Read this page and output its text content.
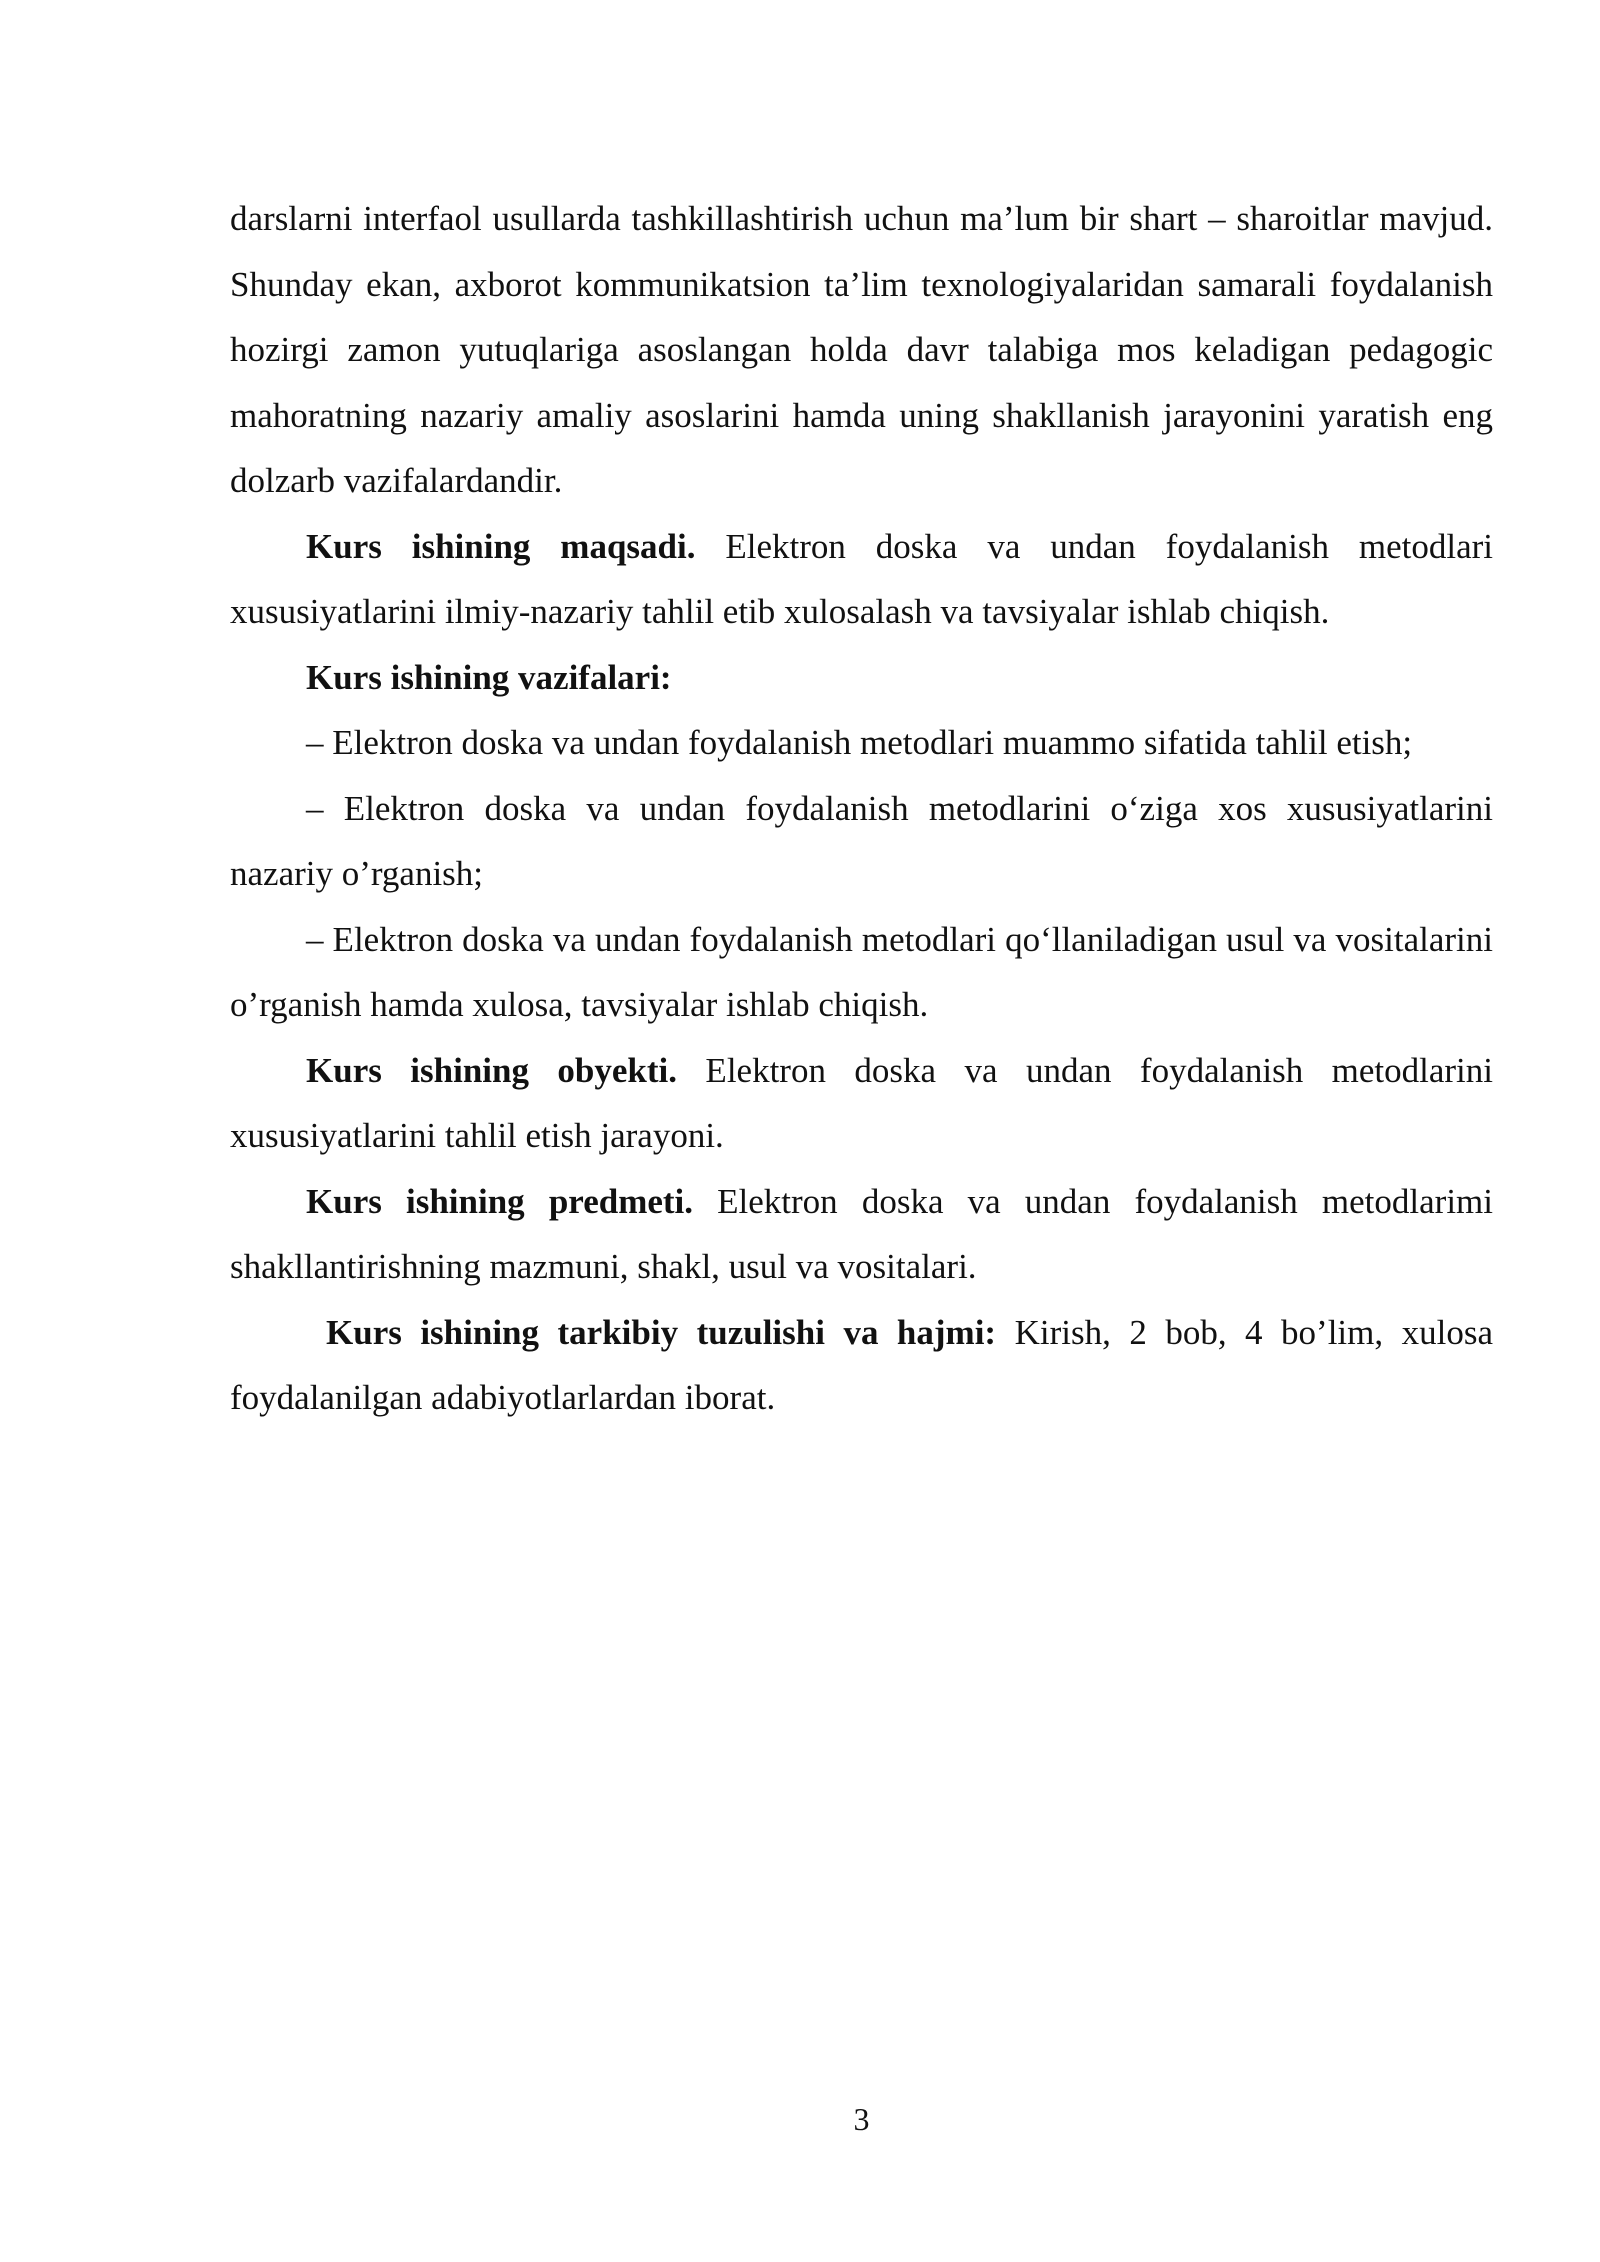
darslarni interfaol usullarda tashkillashtirish uchun ma’lum bir shart – sharoitlar mavjud. Shunday ekan, axborot kommunikatsion ta’lim texnologiyalaridan samarali foydalanish hozirgi zamon yutuqlariga asoslangan holda davr talabiga mos keladigan pedagogic mahoratning nazariy amaliy asoslarini hamda uning shakllanish jarayonini yaratish eng dolzarb vazifalardandir.

Kurs ishining maqsadi. Elektron doska va undan foydalanish metodlari xususiyatlarini ilmiy-nazariy tahlil etib xulosalash va tavsiyalar ishlab chiqish.

Kurs ishining vazifalari:

– Elektron doska va undan foydalanish metodlari muammo sifatida tahlil etish;

– Elektron doska va undan foydalanish metodlarini o‘ziga xos xususiyatlarini nazariy o’rganish;

– Elektron doska va undan foydalanish metodlari qo‘llaniladigan usul va vositalarini o’rganish hamda xulosa, tavsiyalar ishlab chiqish.

Kurs ishining obyekti. Elektron doska va undan foydalanish metodlarini xususiyatlarini tahlil etish jarayoni.

Kurs ishining predmeti. Elektron doska va undan foydalanish metodlarimi shakllantirishning mazmuni, shakl, usul va vositalari.

Kurs ishining tarkibiy tuzulishi va hajmi: Kirish, 2 bob, 4 bo’lim, xulosa foydalanilgan adabiyotlarlardan iborat.

3
